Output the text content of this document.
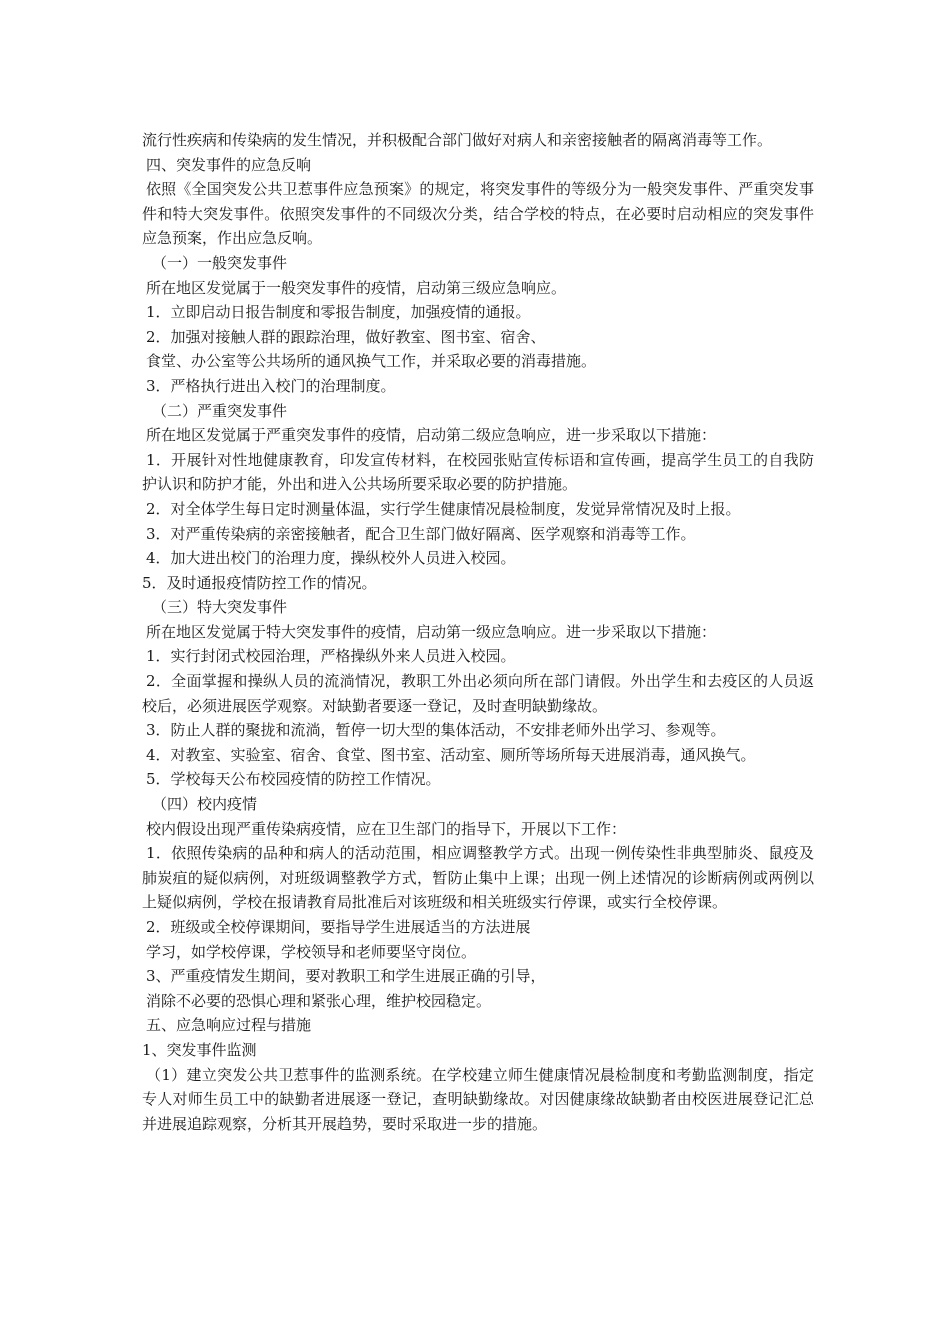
流行性疾病和传染病的发生情况，并积极配合部门做好对病人和亲密接触者的隔离消毒等工作。

四、突发事件的应急反响

依照《全国突发公共卫惹事件应急预案》的规定，将突发事件的等级分为一般突发事件、严重突发事件和特大突发事件。依照突发事件的不同级次分类，结合学校的特点，在必要时启动相应的突发事件应急预案，作出应急反响。

（一）一般突发事件

所在地区发觉属于一般突发事件的疫情，启动第三级应急响应。

1．立即启动日报告制度和零报告制度，加强疫情的通报。

2．加强对接触人群的跟踪治理，做好教室、图书室、宿舍、

食堂、办公室等公共场所的通风换气工作，并采取必要的消毒措施。

3．严格执行进出入校门的治理制度。

（二）严重突发事件

所在地区发觉属于严重突发事件的疫情，启动第二级应急响应，进一步采取以下措施：

1．开展针对性地健康教育，印发宣传材料，在校园张贴宣传标语和宣传画，提高学生员工的自我防护认识和防护才能，外出和进入公共场所要采取必要的防护措施。

2．对全体学生每日定时测量体温，实行学生健康情况晨检制度，发觉异常情况及时上报。

3．对严重传染病的亲密接触者，配合卫生部门做好隔离、医学观察和消毒等工作。

4．加大进出校门的治理力度，操纵校外人员进入校园。

5．及时通报疫情防控工作的情况。

（三）特大突发事件

所在地区发觉属于特大突发事件的疫情，启动第一级应急响应。进一步采取以下措施：

1．实行封闭式校园治理，严格操纵外来人员进入校园。

2．全面掌握和操纵人员的流淌情况，教职工外出必须向所在部门请假。外出学生和去疫区的人员返校后，必须进展医学观察。对缺勤者要逐一登记，及时查明缺勤缘故。

3．防止人群的聚拢和流淌，暂停一切大型的集体活动，不安排老师外出学习、参观等。

4．对教室、实验室、宿舍、食堂、图书室、活动室、厕所等场所每天进展消毒，通风换气。

5．学校每天公布校园疫情的防控工作情况。

（四）校内疫情

校内假设出现严重传染病疫情，应在卫生部门的指导下，开展以下工作：

1．依照传染病的品种和病人的活动范围，相应调整教学方式。出现一例传染性非典型肺炎、鼠疫及肺炭疽的疑似病例，对班级调整教学方式，暂防止集中上课；出现一例上述情况的诊断病例或两例以上疑似病例，学校在报请教育局批准后对该班级和相关班级实行停课，或实行全校停课。

2．班级或全校停课期间，要指导学生进展适当的方法进展

学习，如学校停课，学校领导和老师要坚守岗位。

3、严重疫情发生期间，要对教职工和学生进展正确的引导，

消除不必要的恐惧心理和紧张心理，维护校园稳定。

五、应急响应过程与措施

1、突发事件监测

（1）建立突发公共卫惹事件的监测系统。在学校建立师生健康情况晨检制度和考勤监测制度，指定专人对师生员工中的缺勤者进展逐一登记，查明缺勤缘故。对因健康缘故缺勤者由校医进展登记汇总并进展追踪观察，分析其开展趋势，要时采取进一步的措施。
